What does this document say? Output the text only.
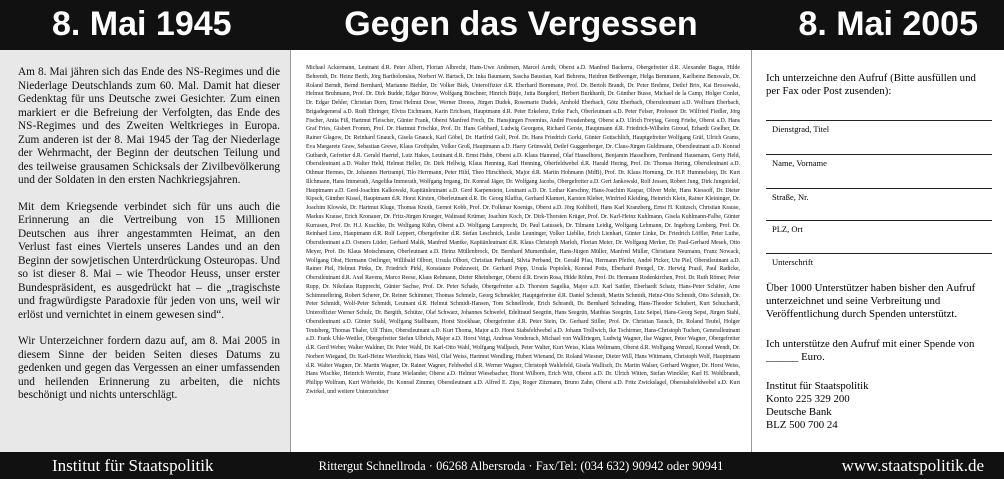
8. Mai 1945	Gegen das Vergessen	8. Mai 2005

Am 8. Mai jähren sich das Ende des NS-Regimes und die Niederlage Deutschlands zum 60. Mal. Damit hat dieser Gedenktag für uns Deutsche zwei Gesichter. Zum einen markiert er die Befreiung der Verfolgten, das Ende des NS-Regimes und des Zweiten Weltkrieges in Europa. Zum anderen ist der 8. Mai 1945 der Tag der Niederlage der Wehrmacht, der Beginn der deutschen Teilung und des teilweise grausamen Schicksals der Zivilbevölkerung und der Soldaten in den ersten Nachkriegsjahren.

Mit dem Kriegsende verbindet sich für uns auch die Erinnerung an die Vertreibung von 15 Millionen Deutschen aus ihrer angestammten Heimat, an den Verlust fast eines Viertels unseres Landes und an den Beginn der sowjetischen Unterdrückung Osteuropas. Und so ist dieser 8. Mai – wie Theodor Heuss, unser erster Bundespräsident, es ausgedrückt hat – die „tragischste und fragwürdigste Paradoxie für jeden von uns, weil wir erlöst und vernichtet in einem gewesen sind“.

Wir Unterzeichner fordern dazu auf, am 8. Mai 2005 in diesem Sinne der beiden Seiten dieses Datums zu gedenken und gegen das Vergessen an einer umfassenden und heilenden Erinnerung zu arbeiten, die nichts beschönigt und nichts unterschlägt.

Michael Ackermann, Leutnant d.R. Peter Albert, Florian Albrecht, Hans-Uwe Andresen, Marcel Arndt, Oberst a.D. Manfred Backerra, Obergefreiter d.R. Alexander Bagus, Hilde Behrendt, Dr. Heinz Berth, Jörg Bartholomäus, Norbert W. Bartsch, Dr. Inka Baumann, Sascha Baustian, Karl Behrens, Heidrun Beißwenger, Helga Bemmann, Karlheinz Benswalz, Dr. Roland Berndt, Bernd Bernhard, Marianne Biehler, Dr. Volker Biek, Unteroffizier d.R. Eberhard Bornmann, Prof. Dr. Bertolt Brandt, Dr. Peter Brehme, Detlef Brix, Kai Brosowski, Helmut Bruhmann, Prof. Dr. Dirk Budde, Edgar Bürow, Wolfgang Büschner, Hinrich Bütje, Jutta Burgdorf, Herbert Burkhardt, Dr. Günther Busse, Michael de la Camp, Holger Conlet, Dr. Edgar Dehler, Christian Dorn, Ernst Helmut Dose, Werner Dreess, Jürgen Dudek, Rosemarie Dudek, Arnhold Eberbach, Götz Eberbach, Oberstleutnant a.D. Wolfram Eberbach, Brigadegeneral a.D. Rudi Ehringer, Elvira Eichmann, Karin Erichsen, Hauptmann d.R. Peter Erkelenz, Erike Fach, Oberleutnant a.D. Peter Felser, Professor Dr. Wilfried Fiedler, Jörg Fischer, Anita Fiß, Hartmut Fleischer, Günter Frank, Oberst Manfred Frech, Dr. Hansjürgen Freemius, André Freudenberg, Oberst a.D. Ulrich Freytag, Georg Friebe, Oberst a.D. Hans Graf Fries, Gisbert Fromm, Prof. Dr. Hartmut Frischke, Prof. Dr. Hans Gebhard, Ludwig Georgens, Richard Gerste, Hauptmann d.R. Friedrich-Wilhelm Giroud, Erhardt Goelher, Dr. Rainer Glagow, Dr. Reinhard Gnauck, Gisela Gnauck, Karl Göbel, Dr. Hartfrid Golf, Prof. Dr. Hans Friedrich Gorki, Günter Gottschlich, Hauptgefreiter Wolfgang Gräf, Ulrich Grams, Eva Margarete Graw, Sebastian Grewe, Klaus Grothjahn, Volker Groß, Hauptmann a.D. Harry Grünwald, Detlef Guggenberger, Dr. Claus-Jürgen Guldimann, Oberstleutnant a.D. Konrad Gutbardt, Gefreiter d.R. Gerald Haertel, Lutz Hakes, Leutnant d.R. Ernst Hahn, Oberst a.D. Klaus Hammel, Olaf Hasselhorst, Benjamin Hasselhorn, Ferdinand Hausmann, Gerty Held, Oberstleutnant a.D. Walter Held, Helmut Heller, Dr. Dirk Hellwig, Klaus Henning, Karl Henning, Oberfeldwebel d.R. Harald Hering, Prof. Dr. Thomas Hering, Oberstleutnant a.D. Othmar Hermes, Dr. Johannes Hertrampf, Tilo Herrmann, Peter Hild, Theo Hirschbeck, Major d.R. Martin Hohmann (MdB), Prof. Dr. Klaus Hornung, Dr. H.P. Hummelsiep, Dr. Kurt Illchmann, Hans Immerath, Angelika Immerath, Wolfgang Irrgang, Dr. Konrad Jäger, Dr. Wolfgang Jacobs, Obergefreiter a.D. Gert Jankowski, Rolf Jessen, Robert Jung, Dirk Jungnickel, Hauptmann a.D. Gerd-Joachim Kalkowski, Kapitänleutnant a.D. Gerd Karpenstein, Leutnant a.D. Dr. Lothar Karschny, Hans-Joachim Kaspar, Oliver Mohr, Hans Kiessoff, Dr. Dieter Kipsch, Günther Kissel, Hauptmann d.R. Horst Kirsten, Oberleutnant d.R. Dr. Georg Klaffus, Gerhard Klamert, Karsten Kleber, Winfried Kleiding, Heinrich Klein, Rainer Kleininger, Dr. Joachim Klowski, Dr. Hartmut Kluge, Thomas Knoth, Gernot Kobb, Prof. Dr. Folkmar Koenigs, Oberst a.D. Jörg Kohlhoff, Hans Karl Kranzberg, Ernst H. Krätzsch, Christian Krause, Markus Krause, Erich Kronauer, Dr. Fritz-Jürgen Krueger, Waltraud Krümer, Joachim Koch, Dr. Dirk-Thorsten Krüger, Prof. Dr. Karl-Heinz Kuhlmann, Gisela Kuhlmann-Falbe, Günter Kurrasen, Prof. Dr. H.J. Kuschke, Dr. Wolfgang Kühn, Oberst a.D. Wolfgang Lamprecht, Dr. Paul Latussek, Dr. Tilmann Leidig, Wolfgang Lehmann, Dr. Ingeborg Lenberg, Prof. Dr. Reinhard Lenz, Hauptmann d.R. Rolf Leppert, Obergefreiter d.R. Stefan Leschnick, Leslie Leuninger, Volker Lieblke, Erich Lienhart, Günter Linke, Dr. Friedrich Löffler, Peter Luthe, Oberstleutnant a.D. Osmers Lüder, Gerhard Malik, Manfred Mantke, Kapitänleutnant d.R. Klaus Christoph Marloh, Florian Meier, Dr. Wolfgang Merker, Dr. Paul-Gerhard Mesek, Otto Meyer, Prof. Dr. Klaus Motschmann, Oberleutnant a.D. Heinz Müllenbrock, Dr. Bernhard Mumenthaler, Hans-Jürgen Müller, Manfred Müller, Christiane Neumann, Franz Nowack, Wolfgang Ohst, Hermann Oetlinger, Willibald Olbort, Ursula Olbort, Christian Perband, Silvia Perband, Dr. Gerald Pfau, Hermann Pfeifer, André Picker, Ute Piel, Oberstleutnant a.D. Rainer Piel, Helmut Pinks, Dr. Friedrich Pirkl, Konstanze Podzuweit, Dr. Gerhard Popp, Ursula Popiolek, Konrad Potts, Eberhard Prengel, Dr. Herwig Prasil, Paul Radicke, Oberstleutnant d.R. Axel Ravens, Marco Reese, Klaus Rehmann, Dieter Rheinberger, Oberst d.R. Erwin Rosa, Hilde Röhm, Prof. Dr. Hermann Rodenkirchen, Prof. Dr. Ruth Römer, Peter Rupp, Dr. Nikolaus Rupprecht, Günter Sachse, Prof. Dr. Peter Schade, Obergefreiter a.D. Thorsten Sagelka, Major a.D. Karl Sattler, Eberhardt Schatz, Hans-Peter Schäfer, Arne Schimmelbring, Robert Scherer, Dr. Reiner Schimmer, Thomas Schmelz, Georg Schmekler, Hauptgefreiter d.R. Daniel Schmidt, Martin Schmidt, Heinz-Otto Schmidt, Otto Schmidt, Dr. Peter Schmidt, Wolf-Peter Schmidt, Leutnant d.R. Helmut Schmidt-Hansen, Tom Schnellrode, Erich Schrandt, Dr. Bernhard Schrading, Hans-Theodor Schubert, Kurt Schuchardt, Unteroffizier Werner Schulz, Dr. Bergith, Schütze, Olaf Schwarz, Johannes Schwefel, Edeltraud Seegrün, Hans Seegrün, Matthias Seegrün, Lutz Seipel, Hans-Georg Sepsi, Jürgen Stahl, Oberstleutnant a.D. Günter Stahl, Wolfgang Stallbaum, Horst Stockhaar, Obergefreiter d.R. Peter Stein, Dr. Gerhard Stiller, Prof. Dr. Christian Tausch, Dr. Roland Teufel, Holger Teutsberg, Thomas Thaler, Ulf Thies, Oberstleutnant a.D. Kurt Thoma, Major a.D. Horst Stabsfeldwebel a.D. Johann Trollwich, Ike Tschirmer, Hans-Christoph Tuchen, Generalleutnant a.D. Frank Uhle-Wettler, Obergefreiter Stefan Ulbrich, Major a.D. Horst Veigt, Andreas Vonderach, Michael von Wallfriegen, Ludwig Wagner, Ilse Wagner, Peter Wagner, Obergefreiter d.R. Gerd Weber, Walter Waldner, Dr. Peter Wahl, Dr. Karl-Otto Wahl, Wolfgang Wallpach, Peter Walter, Kurt Weiss, Klaus Weltmann, Oberst d.R. Wolfgang Wenzel, Konrad Wendt, Dr. Norbert Wiegand, Dr. Karl-Heinz Wierzbicki, Hans Weil, Olaf Weiss, Hartmut Wendling, Hubert Wienand, Dr. Roland Wiesner, Dieter Will, Hans Wittmann, Christoph Wolf, Hauptmann d.R. Walter Wagner, Dr. Martin Wagner, Dr. Rainer Wagner, Feldwebel d.R. Werner Wagner, Christoph Wahlefeld, Gisela Wallisch, Dr. Martin Walser, Gerhard Wegner, Dr. Horst Weiss, Hans Wischke, Heinrich Wernitz, Franz Wielander, Oberst a.D. Helmut Wiesebacher, Horst Wilborn, Erich Witt, Oberst a.D. Dr. Ulrich Witten, Stefan Winckler, Karl H. Wohlbrandt, Philipp Wolfram, Kurt Wörheide, Dr. Konrad Zimmer, Oberstleutnant a.D. Alfred E. Zips, Roger Zitzmann, Bruno Zahn, Oberst a.D. Fritz Zwickslagel, Oberstabsfeldwebel a.D. Kurt Zwirkel, und weitere Unterzeichner
Ich unterzeichne den Aufruf (Bitte ausfüllen und per Fax oder Post zusenden):
Dienstgrad, Titel
Name, Vorname
Straße, Nr.
PLZ, Ort
Unterschrift
Über 1000 Unterstützer haben bisher den Aufruf unterzeichnet und seine Verbreitung und Veröffentlichung durch Spenden unterstützt.
Ich unterstütze den Aufruf mit einer Spende von ______ Euro.
Institut für Staatspolitik
Konto 225 329 200
Deutsche Bank
BLZ 500 700 24
Institut für Staatspolitik	Rittergut Schnellroda · 06268 Albersroda · Fax/Tel: (034 632) 90942 oder 90941	www.staatspolitik.de
